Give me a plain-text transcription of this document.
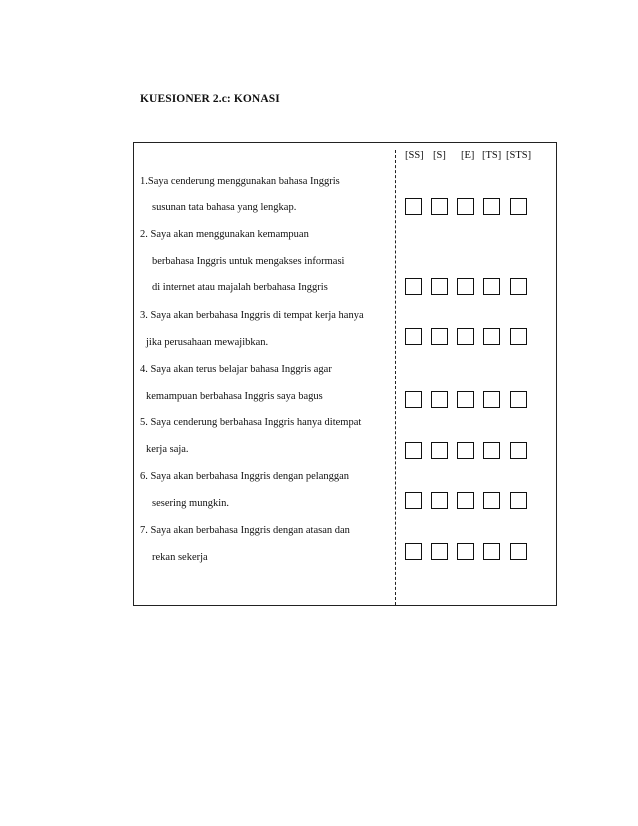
KUESIONER 2.c: KONASI
[SS] [S] [E] [TS] [STS]
1.Saya cenderung menggunakan bahasa Inggris
susunan tata bahasa yang lengkap.
2. Saya akan menggunakan kemampuan
berbahasa Inggris untuk mengakses informasi
di internet atau majalah berbahasa Inggris
3. Saya akan berbahasa Inggris di tempat kerja hanya
jika perusahaan mewajibkan.
4. Saya akan terus belajar bahasa Inggris agar
kemampuan berbahasa Inggris saya bagus
5. Saya cenderung berbahasa Inggris hanya ditempat
kerja saja.
6. Saya akan berbahasa Inggris dengan pelanggan
sesering mungkin.
7. Saya akan berbahasa Inggris dengan atasan dan
rekan sekerja
